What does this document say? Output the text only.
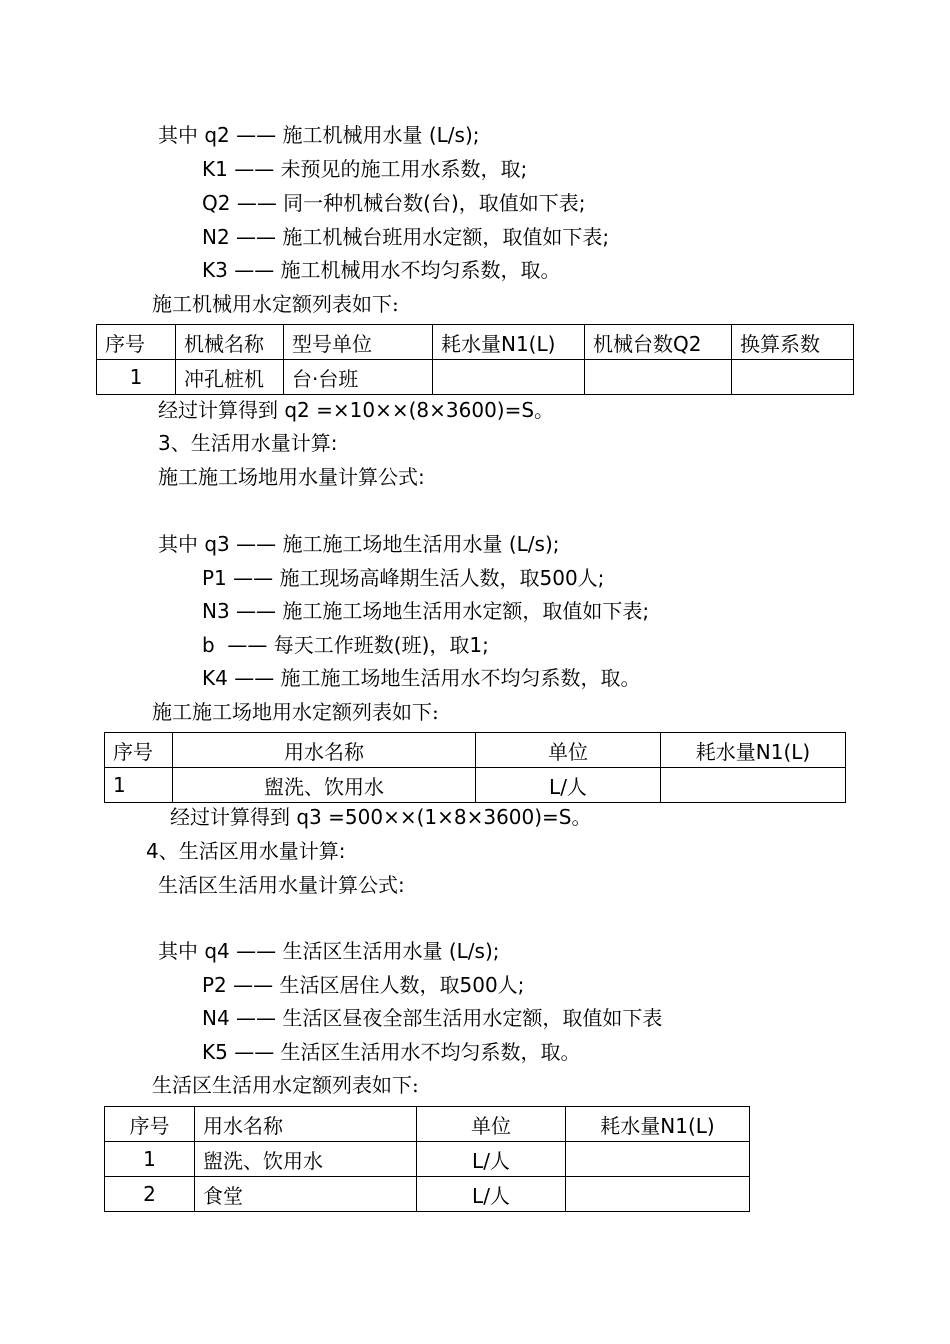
其中 q2 —— 施工机械用水量 (L/s);
K1 —— 未预见的施工用水系数，取;
Q2 —— 同一种机械台数(台)，取值如下表;
N2 —— 施工机械台班用水定额，取值如下表;
K3 —— 施工机械用水不均匀系数，取。
施工机械用水定额列表如下:
序号	机械名称	型号单位	耗水量N1(L)	机械台数Q2	换算系数
1	冲孔桩机	台·台班			
经过计算得到 q2 =×10××(8×3600)=S。
3、生活用水量计算:
施工施工场地用水量计算公式:
其中 q3 —— 施工施工场地生活用水量 (L/s);
P1 —— 施工现场高峰期生活人数，取500人;
N3 —— 施工施工场地生活用水定额，取值如下表;
b  —— 每天工作班数(班)，取1;
K4 —— 施工施工场地生活用水不均匀系数，取。
施工施工场地用水定额列表如下:
序号	用水名称	单位	耗水量N1(L)
1	盥洗、饮用水	L/人	
经过计算得到 q3 =500××(1×8×3600)=S。
4、生活区用水量计算:
生活区生活用水量计算公式:
其中 q4 —— 生活区生活用水量 (L/s);
P2 —— 生活区居住人数，取500人;
N4 —— 生活区昼夜全部生活用水定额，取值如下表
K5 —— 生活区生活用水不均匀系数，取。
生活区生活用水定额列表如下:
序号	用水名称	单位	耗水量N1(L)
1	盥洗、饮用水	L/人	
2	食堂	L/人	
